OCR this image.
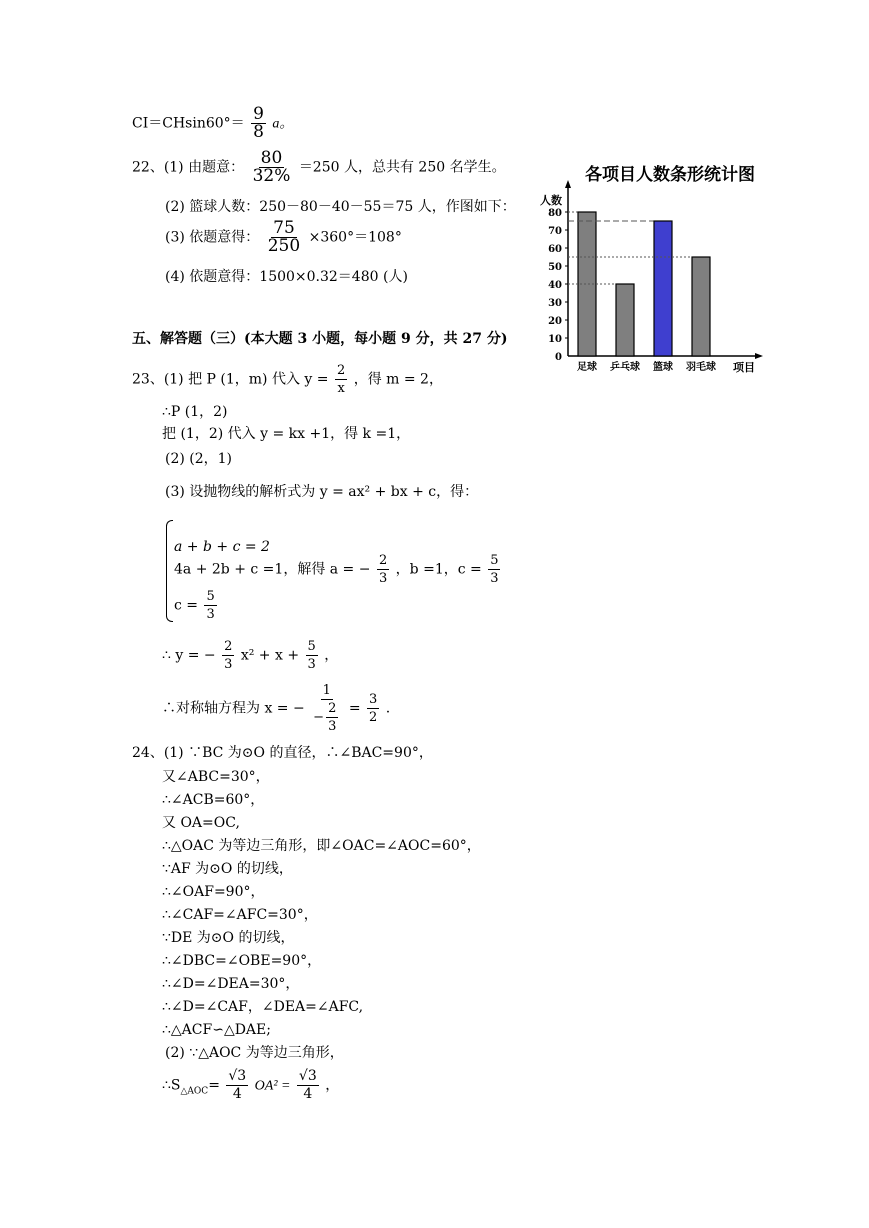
$CI=CHsin60^\circ= \frac{9}{8}$ a。
22、(1) 由题意： $\frac{80}{32\%} =250$ 人，总共有 250 名学生。
(2) 篮球人数：250－80－40－55＝75 人，作图如下：
(3) 依题意得： $\frac{75}{250} \times 360^\circ=108^\circ$
(4) 依题意得：1500×0.32＝480 (人)
五、解答题（三）(本大题 3 小题，每小题 9 分，共 27 分)
23、(1) 把 P (1，m) 代入 $y = \frac{2}{x}$ ，得 m = 2，
∴P (1，2)
把 (1，2) 代入 y = kx +1，得 k =1，
(2) (2，1)
(3) 设抛物线的解析式为 y = ax² + bx + c，得：
a + b + c = 2
4a + 2b + c =1，解得 a = − $\frac{2}{3}$ ，b =1，$c = \frac{5}{3}$
$c = \frac{5}{3}$
∴ y = − $\frac{2}{3} x^2 + x + \frac{5}{3}$ ，
∴对称轴方程为 x = − $\frac{1}{- \frac{2}{3}} = \frac{3}{2}$ .
24、(1) ∵BC 为⊙O 的直径，∴∠BAC=90°，
又∠ABC=30°，
∴∠ACB=60°，
又 OA=OC,
∴△OAC 为等边三角形，即∠OAC=∠AOC=60°，
∵AF 为⊙O 的切线，
∴∠OAF=90°，
∴∠CAF=∠AFC=30°，
∵DE 为⊙O 的切线，
∴∠DBC=∠OBE=90°，
∴∠D=∠DEA=30°，
∴∠D=∠CAF，∠DEA=∠AFC,
∴△ACF∽△DAE;
(2) ∵△AOC 为等边三角形，
$\therefore S_{\triangle AOC}= \frac{√3}{4} OA^2 = \frac{√3}{4}$ ，
各项目人数条形统计图
人数
项目
0
10
20
30
40
50
60
70
80
足球 乒乓球 篮球 羽毛球
